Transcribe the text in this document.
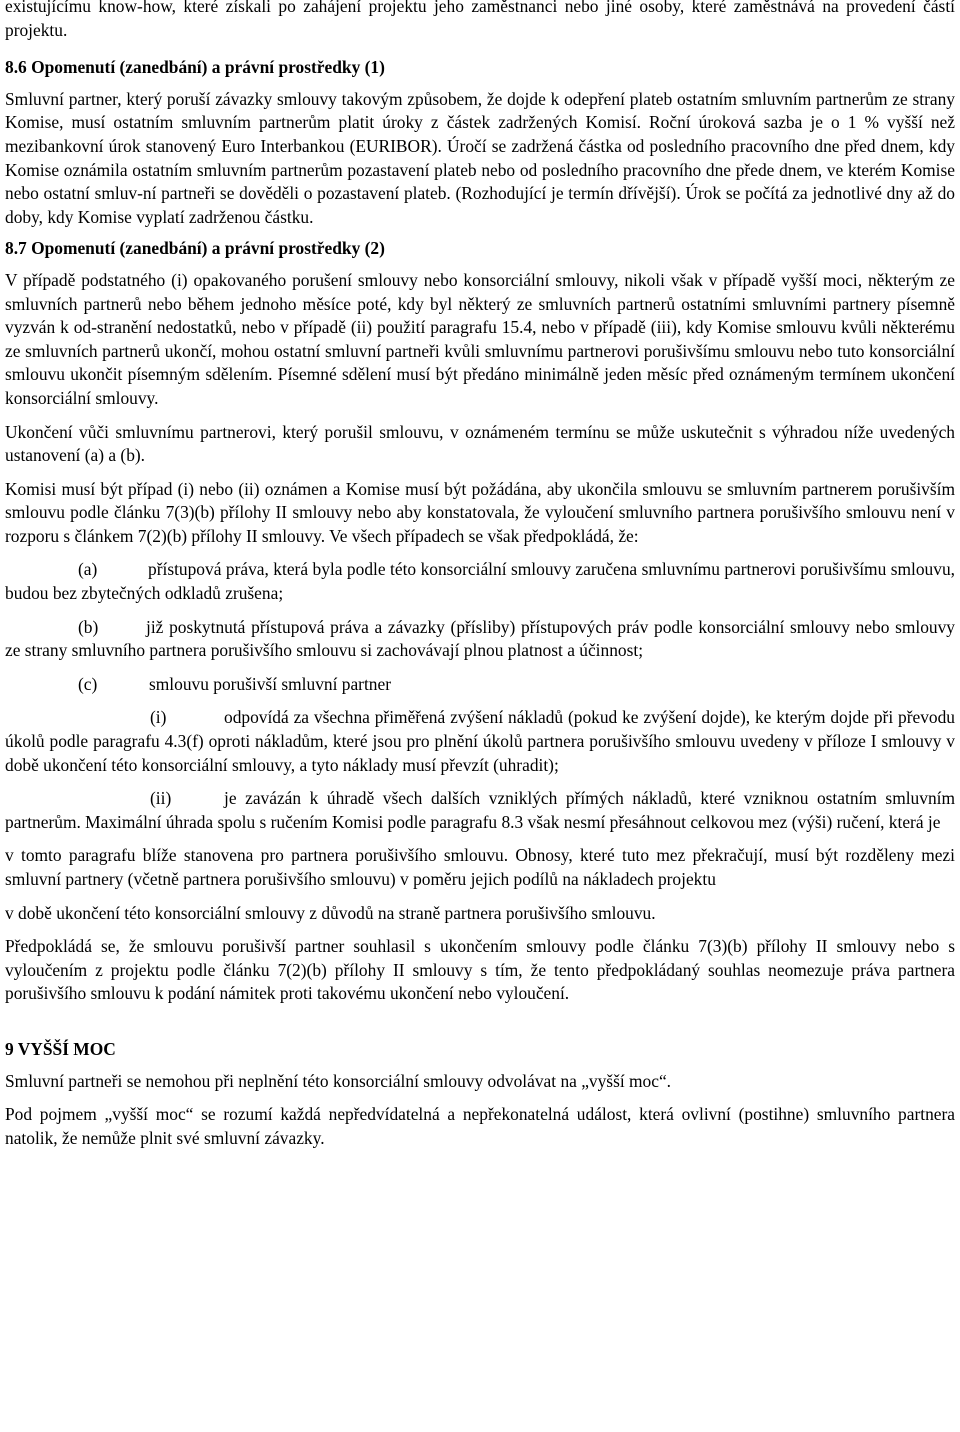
existujícímu know-how, které získali po zahájení projektu jeho zaměstnanci nebo jiné osoby, které zaměstnává na provedení částí projektu.

8.6 Opomenutí (zanedbání) a právní prostředky (1)

Smluvní partner, který poruší závazky smlouvy takovým způsobem, že dojde k odepření plateb ostatním smluvním partnerům ze strany Komise, musí ostatním smluvním partnerům platit úroky z částek zadržených Komisí. Roční úroková sazba je o 1 % vyšší než mezibankovní úrok stanovený Euro Interbankou (EURIBOR). Úročí se zadržená částka od posledního pracovního dne před dnem, kdy Komise oznámila ostatním smluvním partnerům pozastavení plateb nebo od posledního pracovního dne přede dnem, ve kterém Komise nebo ostatní smluv-ní partneři se dověděli o pozastavení plateb. (Rozhodující je termín dřívější). Úrok se počítá za jednotlivé dny až do doby, kdy Komise vyplatí zadrženou částku.

8.7 Opomenutí (zanedbání) a právní prostředky (2)

V případě podstatného (i) opakovaného porušení smlouvy nebo konsorciální smlouvy, nikoli však v případě vyšší moci, některým ze smluvních partnerů nebo během jednoho měsíce poté, kdy byl některý ze smluvních partnerů ostatními smluvními partnery písemně vyzván k od-stranění nedostatků, nebo v případě (ii) použití paragrafu 15.4, nebo v případě (iii), kdy Komise smlouvu kvůli některému ze smluvních partnerů ukončí, mohou ostatní smluvní partneři kvůli smluvnímu partnerovi porušivšímu smlouvu nebo tuto konsorciální smlouvu ukončit písemným sdělením. Písemné sdělení musí být předáno minimálně jeden měsíc před oznámeným termínem ukončení konsorciální smlouvy.

Ukončení vůči smluvnímu partnerovi, který porušil smlouvu, v oznámeném termínu se může uskutečnit s výhradou níže uvedených ustanovení (a) a (b).

Komisi musí být případ (i) nebo (ii) oznámen a Komise musí být požádána, aby ukončila smlouvu se smluvním partnerem porušivším smlouvu podle článku 7(3)(b) přílohy II smlouvy nebo aby konstatovala, že vyloučení smluvního partnera porušivšího smlouvu není v rozporu s článkem 7(2)(b) přílohy II smlouvy. Ve všech případech se však předpokládá, že:

(a)	přístupová práva, která byla podle této konsorciální smlouvy zaručena smluvnímu partnerovi porušivšímu smlouvu, budou bez zbytečných odkladů zrušena;

(b)	již poskytnutá přístupová práva a závazky (přísliby) přístupových práv podle konsorciální smlouvy nebo smlouvy ze strany smluvního partnera porušivšího smlouvu si zachovávají plnou platnost a účinnost;

(c)	smlouvu porušivší smluvní partner

(i)	odpovídá za všechna přiměřená zvýšení nákladů (pokud ke zvýšení dojde), ke kterým dojde při převodu úkolů podle paragrafu 4.3(f) oproti nákladům, které jsou pro plnění úkolů partnera porušivšího smlouvu uvedeny v příloze I smlouvy v době ukončení této konsorciální smlouvy, a tyto náklady musí převzít (uhradit);

(ii)	je zavázán k úhradě všech dalších vzniklých přímých nákladů, které vzniknou ostatním smluvním partnerům. Maximální úhrada spolu s ručením Komisi podle paragrafu 8.3 však nesmí přesáhnout celkovou mez (výši) ručení, která je

v tomto paragrafu blíže stanovena pro partnera porušivšího smlouvu. Obnosy, které tuto mez překračují, musí být rozděleny mezi smluvní partnery (včetně partnera porušivšího smlouvu) v poměru jejich podílů na nákladech projektu

v době ukončení této konsorciální smlouvy z důvodů na straně partnera porušivšího smlouvu.

Předpokládá se, že smlouvu porušivší partner souhlasil s ukončením smlouvy podle článku 7(3)(b) přílohy II smlouvy nebo s vyloučením z projektu podle článku 7(2)(b) přílohy II smlouvy s tím, že tento předpokládaný souhlas neomezuje práva partnera porušivšího smlouvu k podání námitek proti takovému ukončení nebo vyloučení.

9 VYŠŠÍ MOC

Smluvní partneři se nemohou při neplnění této konsorciální smlouvy odvolávat na „vyšší moc“.

Pod pojmem „vyšší moc“ se rozumí každá nepředvídatelná a nepřekonatelná událost, která ovlivní (postihne) smluvního partnera natolik, že nemůže plnit své smluvní závazky.
